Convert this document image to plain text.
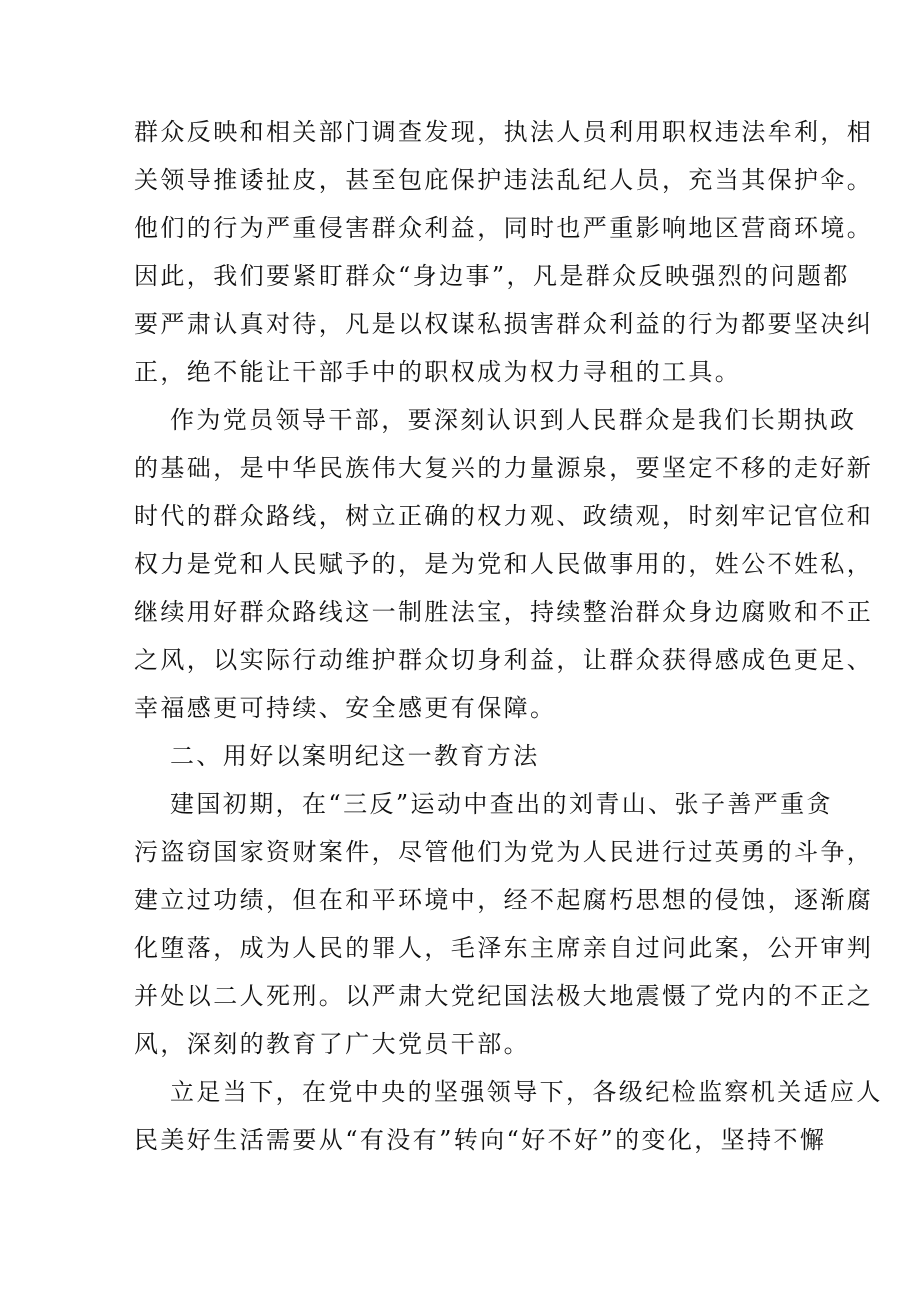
群众反映和相关部门调查发现，执法人员利用职权违法牟利，相
关领导推诿扯皮，甚至包庇保护违法乱纪人员，充当其保护伞。
他们的行为严重侵害群众利益，同时也严重影响地区营商环境。
因此，我们要紧盯群众“身边事”，凡是群众反映强烈的问题都
要严肃认真对待，凡是以权谋私损害群众利益的行为都要坚决纠
正，绝不能让干部手中的职权成为权力寻租的工具。
作为党员领导干部，要深刻认识到人民群众是我们长期执政
的基础，是中华民族伟大复兴的力量源泉，要坚定不移的走好新
时代的群众路线，树立正确的权力观、政绩观，时刻牢记官位和
权力是党和人民赋予的，是为党和人民做事用的，姓公不姓私，
继续用好群众路线这一制胜法宝，持续整治群众身边腐败和不正
之风，以实际行动维护群众切身利益，让群众获得感成色更足、
幸福感更可持续、安全感更有保障。
二、用好以案明纪这一教育方法
建国初期，在“三反”运动中查出的刘青山、张子善严重贪
污盗窃国家资财案件，尽管他们为党为人民进行过英勇的斗争，
建立过功绩，但在和平环境中，经不起腐朽思想的侵蚀，逐渐腐
化堕落，成为人民的罪人，毛泽东主席亲自过问此案，公开审判
并处以二人死刑。以严肃大党纪国法极大地震慑了党内的不正之
风，深刻的教育了广大党员干部。
立足当下，在党中央的坚强领导下，各级纪检监察机关适应人
民美好生活需要从“有没有”转向“好不好”的变化，坚持不懈
